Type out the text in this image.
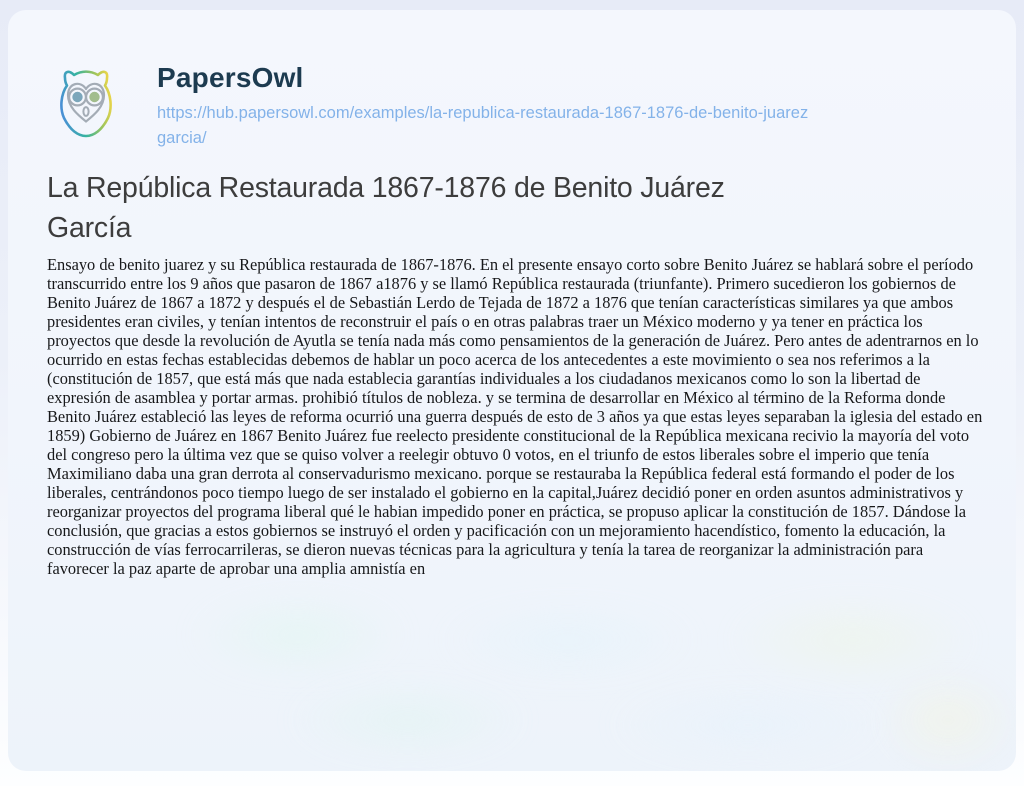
PapersOwl
https://hub.papersowl.com/examples/la-republica-restaurada-1867-1876-de-benito-juarez
garcia/
La República Restaurada 1867-1876 de Benito Juárez García

Ensayo de benito juarez y su República restaurada de 1867-1876. En el presente ensayo corto sobre Benito Juárez se hablará sobre el período transcurrido entre los 9 años que pasaron de 1867 a1876 y se llamó República restaurada (triunfante). Primero sucedieron los gobiernos de Benito Juárez de 1867 a 1872 y después el de Sebastián Lerdo de Tejada de 1872 a 1876 que tenían características similares ya que ambos presidentes eran civiles, y tenían intentos de reconstruir el país o en otras palabras traer un México moderno y ya tener en práctica los proyectos que desde la revolución de Ayutla se tenía nada más como pensamientos de la generación de Juárez. Pero antes de adentrarnos en lo ocurrido en estas fechas establecidas debemos de hablar un poco acerca de los antecedentes a este movimiento o sea nos referimos a la (constitución de 1857, que está más que nada establecia garantías individuales a los ciudadanos mexicanos como lo son la libertad de expresión de asamblea y portar armas. prohibió títulos de nobleza. y se termina de desarrollar en México al término de la Reforma donde Benito Juárez estableció las leyes de reforma ocurrió una guerra después de esto de 3 años ya que estas leyes separaban la iglesia del estado en 1859) Gobierno de Juárez en 1867 Benito Juárez fue reelecto presidente constitucional de la República mexicana recivio la mayoría del voto del congreso pero la última vez que se quiso volver a reelegir obtuvo 0 votos, en el triunfo de estos liberales sobre el imperio que tenía Maximiliano daba una gran derrota al conservadurismo mexicano. porque se restauraba la República federal está formando el poder de los liberales, centrándonos poco tiempo luego de ser instalado el gobierno en la capital,Juárez decidió poner en orden asuntos administrativos y reorganizar proyectos del programa liberal qué le habian impedido poner en práctica, se propuso aplicar la constitución de 1857. Dándose la conclusión, que gracias a estos gobiernos se instruyó el orden y pacificación con un mejoramiento hacendístico, fomento la educación, la construcción de vías ferrocarrileras, se dieron nuevas técnicas para la agricultura y tenía la tarea de reorganizar la administración para favorecer la paz aparte de aprobar una amplia amnistía en
